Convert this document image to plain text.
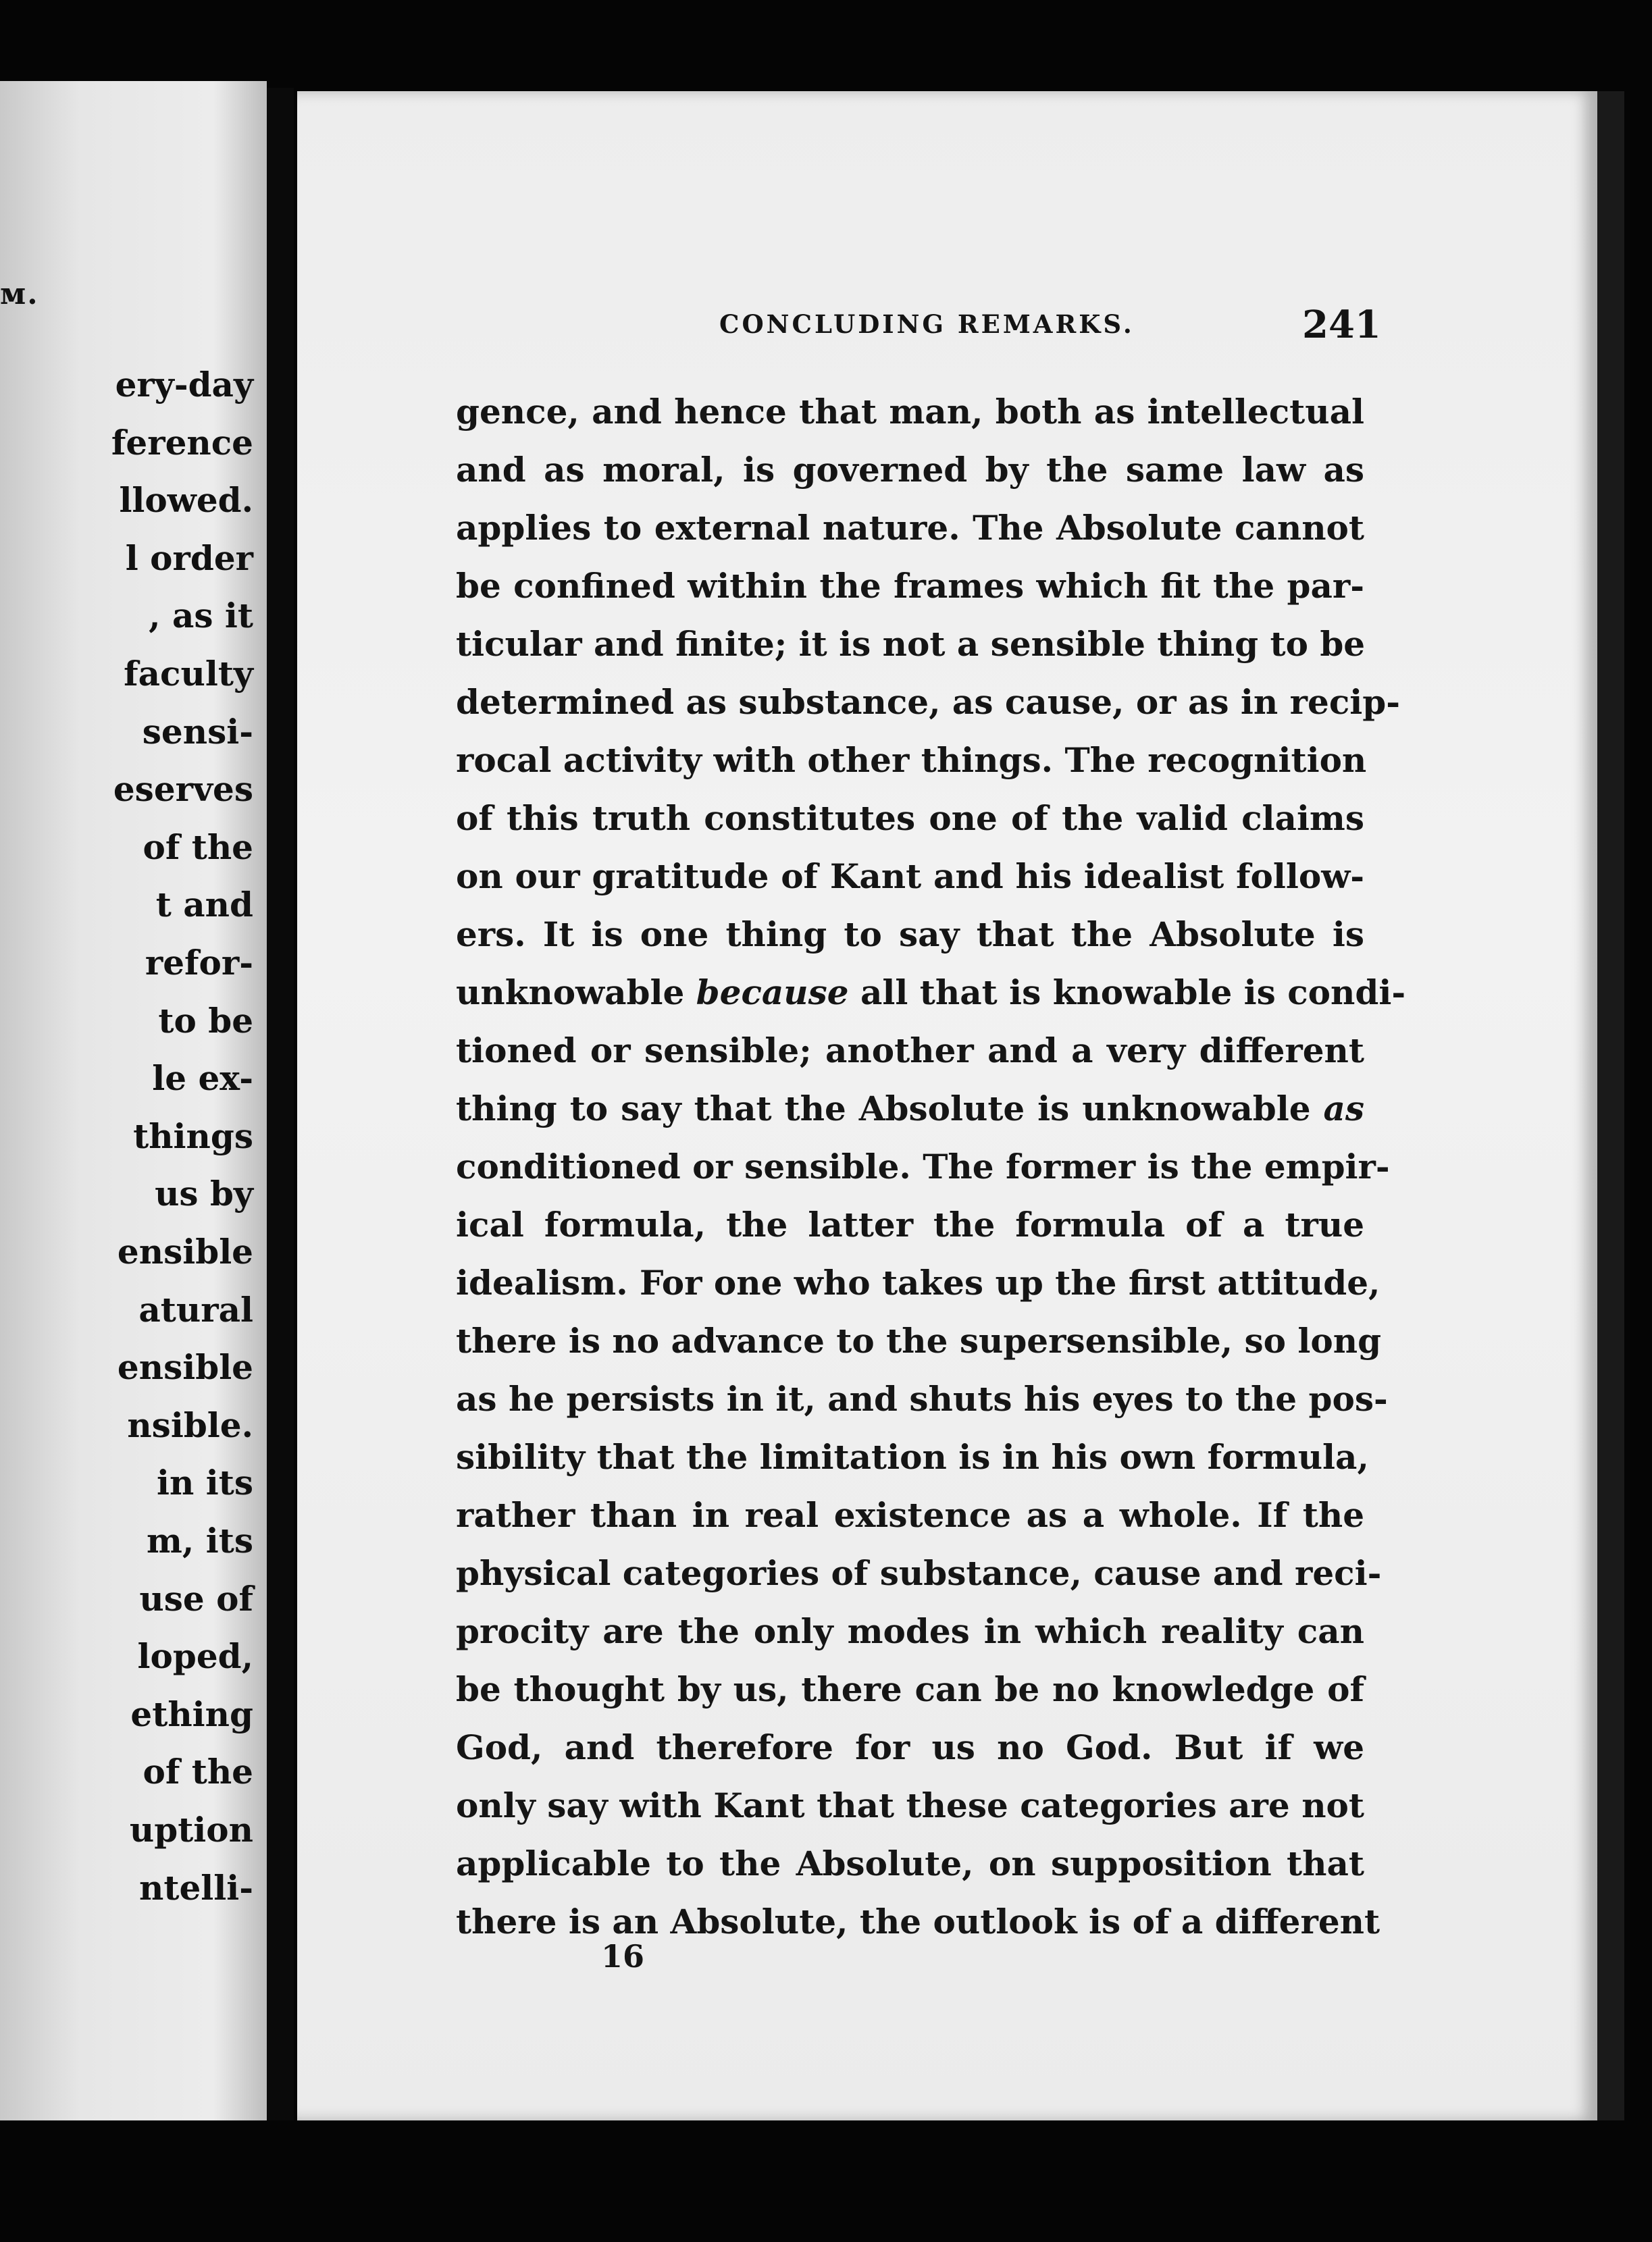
м.
ery-day
ference
llowed.
l order
, as it
faculty
sensi-
eserves
of the
t and
refor-
to be
le ex-
things
us by
ensible
atural
ensible
nsible.
in its
m, its
use of
loped,
ething
of the
uption
ntelli-
CONCLUDING REMARKS.	241
gence, and hence that man, both as intellectual
and as moral, is governed by the same law as
applies to external nature. The Absolute cannot
be confined within the frames which fit the par-
ticular and finite; it is not a sensible thing to be
determined as substance, as cause, or as in recip-
rocal activity with other things. The recognition
of this truth constitutes one of the valid claims
on our gratitude of Kant and his idealist follow-
ers. It is one thing to say that the Absolute is
unknowable because all that is knowable is condi-
tioned or sensible; another and a very different
thing to say that the Absolute is unknowable as
conditioned or sensible. The former is the empir-
ical formula, the latter the formula of a true
idealism. For one who takes up the first attitude,
there is no advance to the supersensible, so long
as he persists in it, and shuts his eyes to the pos-
sibility that the limitation is in his own formula,
rather than in real existence as a whole. If the
physical categories of substance, cause and reci-
procity are the only modes in which reality can
be thought by us, there can be no knowledge of
God, and therefore for us no God. But if we
only say with Kant that these categories are not
applicable to the Absolute, on supposition that
there is an Absolute, the outlook is of a different
16
